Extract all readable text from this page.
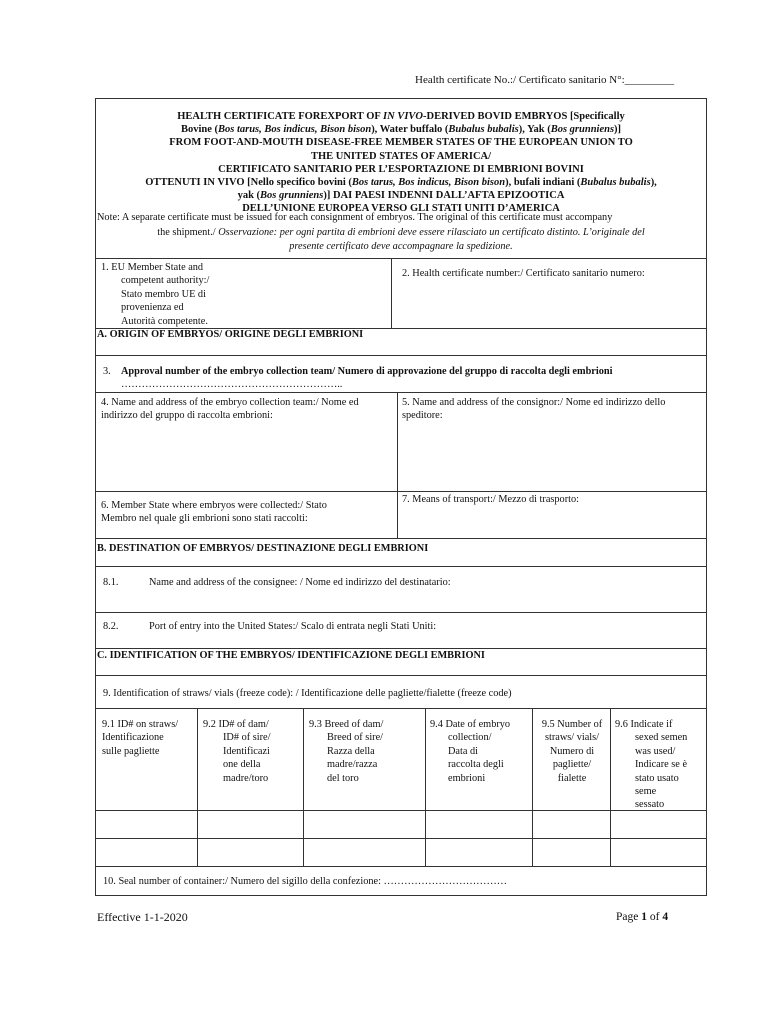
Health certificate No.:/ Certificato sanitario N°:_________
HEALTH CERTIFICATE FOREXPORT OF IN VIVO-DERIVED BOVID EMBRYOS [Specifically
Bovine (Bos tarus, Bos indicus, Bison bison), Water buffalo (Bubalus bubalis), Yak (Bos grunniens)]
FROM FOOT-AND-MOUTH DISEASE-FREE MEMBER STATES OF THE EUROPEAN UNION TO
THE UNITED STATES OF AMERICA/
CERTIFICATO SANITARIO PER L’ESPORTAZIONE DI EMBRIONI BOVINI
OTTENUTI IN VIVO [Nello specifico bovini (Bos tarus, Bos indicus, Bison bison), bufali indiani (Bubalus bubalis),
yak (Bos grunniens)] DAI PAESI INDENNI DALL’AFTA EPIZOOTICA
DELL’UNIONE EUROPEA VERSO GLI STATI UNITI D’AMERICA
Note: A separate certificate must be issued for each consignment of embryos. The original of this certificate must accompany
the shipment./ Osservazione: per ogni partita di embrioni deve essere rilasciato un certificato distinto. L’originale del
presente certificato deve accompagnare la spedizione.
1. EU Member State and
competent authority:/
Stato membro UE di
provenienza ed
Autorità competente.
2. Health certificate number:/ Certificato sanitario numero:
A. ORIGIN OF EMBRYOS/ ORIGINE DEGLI EMBRIONI
3. Approval number of the embryo collection team/ Numero di approvazione del gruppo di raccolta degli embrioni
………………………………………………………..
4. Name and address of the embryo collection team:/ Nome ed
indirizzo del gruppo di raccolta embrioni:
5. Name and address of the consignor:/ Nome ed indirizzo dello
speditore:
6. Member State where embryos were collected:/ Stato
Membro nel quale gli embrioni sono stati raccolti:
7. Means of transport:/ Mezzo di trasporto:
B. DESTINATION OF EMBRYOS/ DESTINAZIONE DEGLI EMBRIONI
8.1.	Name and address of the consignee: / Nome ed indirizzo del destinatario:
8.2.	Port of entry into the United States:/ Scalo di entrata negli Stati Uniti:
C. IDENTIFICATION OF THE EMBRYOS/ IDENTIFICAZIONE DEGLI EMBRIONI
9. Identification of straws/ vials (freeze code): / Identificazione delle pagliette/fialette (freeze code)
9.1 ID# on straws/
Identificazione
sulle pagliette
9.2 ID# of dam/
ID# of sire/
Identificazi
one della
madre/toro
9.3 Breed of dam/
Breed of sire/
Razza della
madre/razza
del toro
9.4 Date of embryo
collection/
Data di
raccolta degli
embrioni
9.5 Number of
straws/ vials/
Numero di
pagliette/
fialette
9.6 Indicate if
sexed semen
was used/
Indicare se è
stato usato
seme
sessato
10. Seal number of container:/ Numero del sigillo della confezione: ………………………………
Effective 1-1-2020	Page 1 of 4
